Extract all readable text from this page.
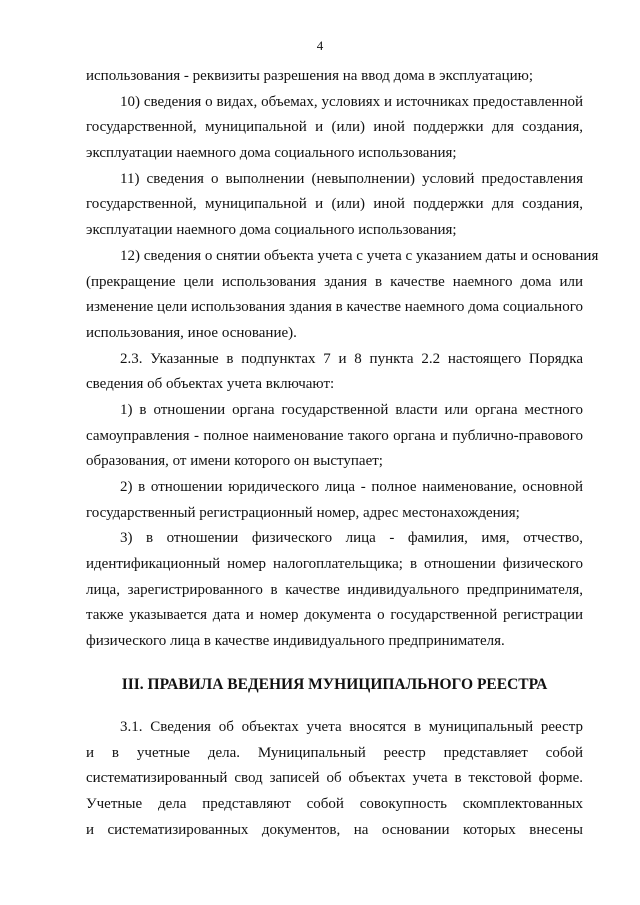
4
использования - реквизиты разрешения на ввод дома в эксплуатацию;
10) сведения о видах, объемах, условиях и источниках предоставленной
государственной, муниципальной и (или) иной поддержки для создания,
эксплуатации наемного дома социального использования;
11) сведения о выполнении (невыполнении) условий предоставления
государственной, муниципальной и (или) иной поддержки для создания,
эксплуатации наемного дома социального использования;
12) сведения о снятии объекта учета с учета с указанием даты и основания
(прекращение цели использования здания в качестве наемного дома или
изменение цели использования здания в качестве наемного дома социального
использования, иное основание).
2.3. Указанные в подпунктах 7 и 8 пункта 2.2 настоящего Порядка
сведения об объектах учета включают:
1) в отношении органа государственной власти или органа местного
самоуправления - полное наименование такого органа и публично-правового
образования, от имени которого он выступает;
2) в отношении юридического лица - полное наименование, основной
государственный регистрационный номер, адрес местонахождения;
3) в отношении физического лица - фамилия, имя, отчество,
идентификационный номер налогоплательщика; в отношении физического
лица, зарегистрированного в качестве индивидуального предпринимателя,
также указывается дата и номер документа о государственной регистрации
физического лица в качестве индивидуального предпринимателя.
III. ПРАВИЛА ВЕДЕНИЯ МУНИЦИПАЛЬНОГО РЕЕСТРА
3.1. Сведения об объектах учета вносятся в муниципальный реестр
и в учетные дела. Муниципальный реестр представляет собой
систематизированный свод записей об объектах учета в текстовой форме.
Учетные дела представляют собой совокупность скомплектованных
и систематизированных документов, на основании которых внесены
